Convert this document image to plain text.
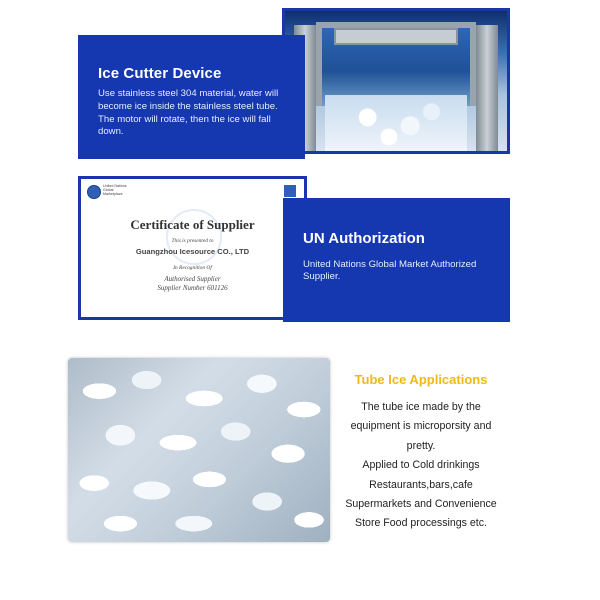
Ice Cutter Device

Use stainless steel 304 material, water will become ice inside the stainless steel tube. The motor will rotate, then the ice will fall down.

United Nations Global Marketplace
Certificate of Supplier
This is presented to
Guangzhou Icesource CO., LTD
In Recognition Of
Authorised Supplier
Supplier Number 601126
UN Authorization

United Nations Global Market Authorized Supplier.

Tube Ice Applications

The tube ice made by the

equipment is microporsity and

pretty.

Applied to Cold drinkings

Restaurants,bars,cafe

Supermarkets and Convenience

Store Food processings etc.
